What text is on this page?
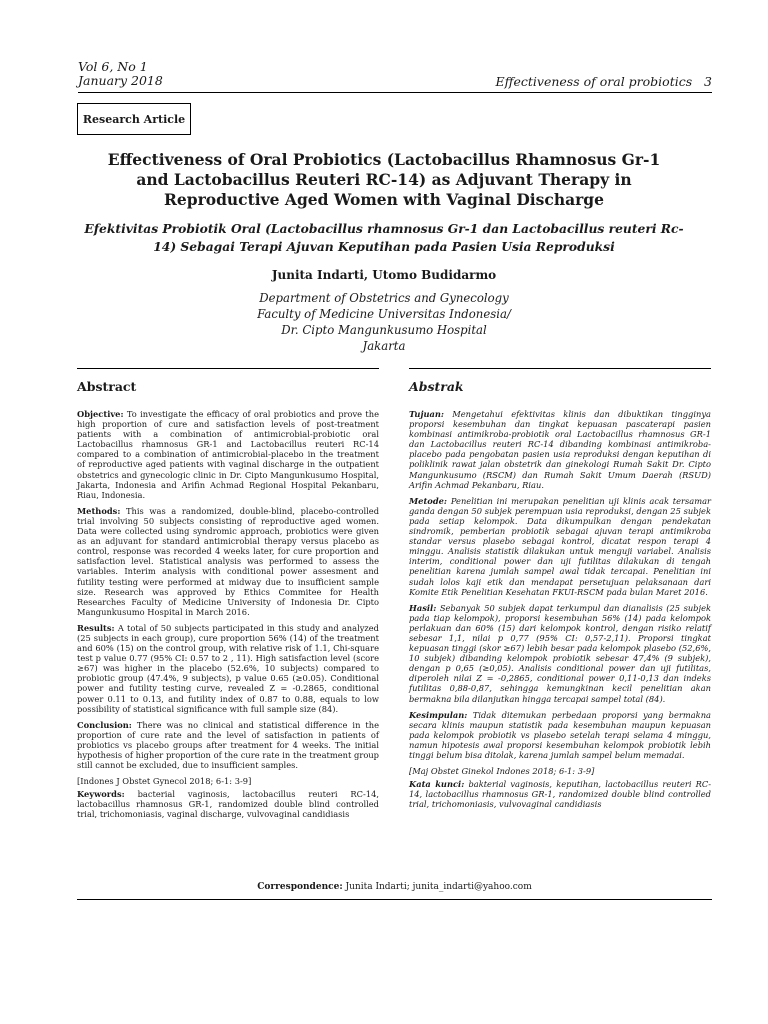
Vol 6, No 1
January 2018	Effectiveness of oral probiotics   3
Research Article
Effectiveness of Oral Probiotics (Lactobacillus Rhamnosus Gr-1 and Lactobacillus Reuteri RC-14) as Adjuvant Therapy in Reproductive Aged Women with Vaginal Discharge
Efektivitas Probiotik Oral (Lactobacillus rhamnosus Gr-1 dan Lactobacillus reuteri Rc-14) Sebagai Terapi Ajuvan Keputihan pada Pasien Usia Reproduksi
Junita Indarti, Utomo Budidarmo
Department of Obstetrics and Gynecology
Faculty of Medicine Universitas Indonesia/
Dr. Cipto Mangunkusumo Hospital
Jakarta
Abstract

Objective: To investigate the efficacy of oral probiotics and prove the high proportion of cure and satisfaction levels of post-treatment patients with a combination of antimicrobial-probiotic oral Lactobacillus rhamnosus GR-1 and Lactobacillus reuteri RC-14 compared to a combination of antimicrobial-placebo in the treatment of reproductive aged patients with vaginal discharge in the outpatient obstetrics and gynecologic clinic in Dr. Cipto Mangunkusumo Hospital, Jakarta, Indonesia and Arifin Achmad Regional Hospital Pekanbaru, Riau, Indonesia.

Methods: This was a randomized, double-blind, placebo-controlled trial involving 50 subjects consisting of reproductive aged women. Data were collected using syndromic approach, probiotics were given as an adjuvant for standard antimicrobial therapy versus placebo as control, response was recorded 4 weeks later, for cure proportion and satisfaction level. Statistical analysis was performed to assess the variables. Interim analysis with conditional power assesment and futility testing were performed at midway due to insufficient sample size. Research was approved by Ethics Commitee for Health Researches Faculty of Medicine University of Indonesia Dr. Cipto Mangunkusumo Hospital in March 2016.

Results: A total of 50 subjects participated in this study and analyzed (25 subjects in each group), cure proportion 56% (14) of the treatment and 60% (15) on the control group, with relative risk of 1.1, Chi-square test p value 0.77 (95% CI: 0.57 to 2 , 11). High satisfaction level (score ≥67) was higher in the placebo (52.6%, 10 subjects) compared to probiotic group (47.4%, 9 subjects), p value 0.65 (≥0.05). Conditional power and futility testing curve, revealed Z = -0.2865, conditional power 0.11 to 0.13, and futility index of 0.87 to 0.88, equals to low possibility of statistical significance with full sample size (84).

Conclusion: There was no clinical and statistical difference in the proportion of cure rate and the level of satisfaction in patients of probiotics vs placebo groups after treatment for 4 weeks. The initial hypothesis of higher proportion of the cure rate in the treatment group still cannot be excluded, due to insufficient samples.

[Indones J Obstet Gynecol 2018; 6-1: 3-9]

Keywords: bacterial vaginosis, lactobacillus reuteri RC-14, lactobacillus rhamnosus GR-1, randomized double blind controlled trial, trichomoniasis, vaginal discharge, vulvovaginal candidiasis

Abstrak

Tujuan: Mengetahui efektivitas klinis dan dibuktikan tingginya proporsi kesembuhan dan tingkat kepuasan pascaterapi pasien kombinasi antimikroba-probiotik oral Lactobacillus rhamnosus GR-1 dan Lactobacillus reuteri RC-14 dibanding kombinasi antimikroba-placebo pada pengobatan pasien usia reproduksi dengan keputihan di poliklinik rawat jalan obstetrik dan ginekologi Rumah Sakit Dr. Cipto Mangunkusumo (RSCM) dan Rumah Sakit Umum Daerah (RSUD) Arifin Achmad Pekanbaru, Riau.

Metode: Penelitian ini merupakan penelitian uji klinis acak tersamar ganda dengan 50 subjek perempuan usia reproduksi, dengan 25 subjek pada setiap kelompok. Data dikumpulkan dengan pendekatan sindromik, pemberian probiotik sebagai ajuvan terapi antimikroba standar versus plasebo sebagai kontrol, dicatat respon terapi 4 minggu. Analisis statistik dilakukan untuk menguji variabel. Analisis interim, conditional power dan uji futilitas dilakukan di tengah penelitian karena jumlah sampel awal tidak tercapai. Penelitian ini sudah lolos kaji etik dan mendapat persetujuan pelaksanaan dari Komite Etik Penelitian Kesehatan FKUI-RSCM pada bulan Maret 2016.

Hasil: Sebanyak 50 subjek dapat terkumpul dan dianalisis (25 subjek pada tiap kelompok), proporsi kesembuhan 56% (14) pada kelompok perlakuan dan 60% (15) dari kelompok kontrol, dengan risiko relatif sebesar 1,1, nilai p 0,77 (95% CI: 0,57-2,11). Proporsi tingkat kepuasan tinggi (skor ≥67) lebih besar pada kelompok plasebo (52,6%, 10 subjek) dibanding kelompok probiotik sebesar 47,4% (9 subjek), dengan p 0,65 (≥0,05). Analisis conditional power dan uji futilitas, diperoleh nilai Z = -0,2865, conditional power 0,11-0,13 dan indeks futilitas 0,88-0,87, sehingga kemungkinan kecil penelitian akan bermakna bila dilanjutkan hingga tercapai sampel total (84).

Kesimpulan: Tidak ditemukan perbedaan proporsi yang bermakna secara klinis maupun statistik pada kesembuhan maupun kepuasan pada kelompok probiotik vs plasebo setelah terapi selama 4 minggu, namun hipotesis awal proporsi kesembuhan kelompok probiotik lebih tinggi belum bisa ditolak, karena jumlah sampel belum memadai.

[Maj Obstet Ginekol Indones 2018; 6-1: 3-9]

Kata kunci: bakterial vaginosis, keputihan, lactobacillus reuteri RC-14, lactobacillus rhamnosus GR-1, randomized double blind controlled trial, trichomoniasis, vulvovaginal candidiasis

Correspondence: Junita Indarti; junita_indarti@yahoo.com
